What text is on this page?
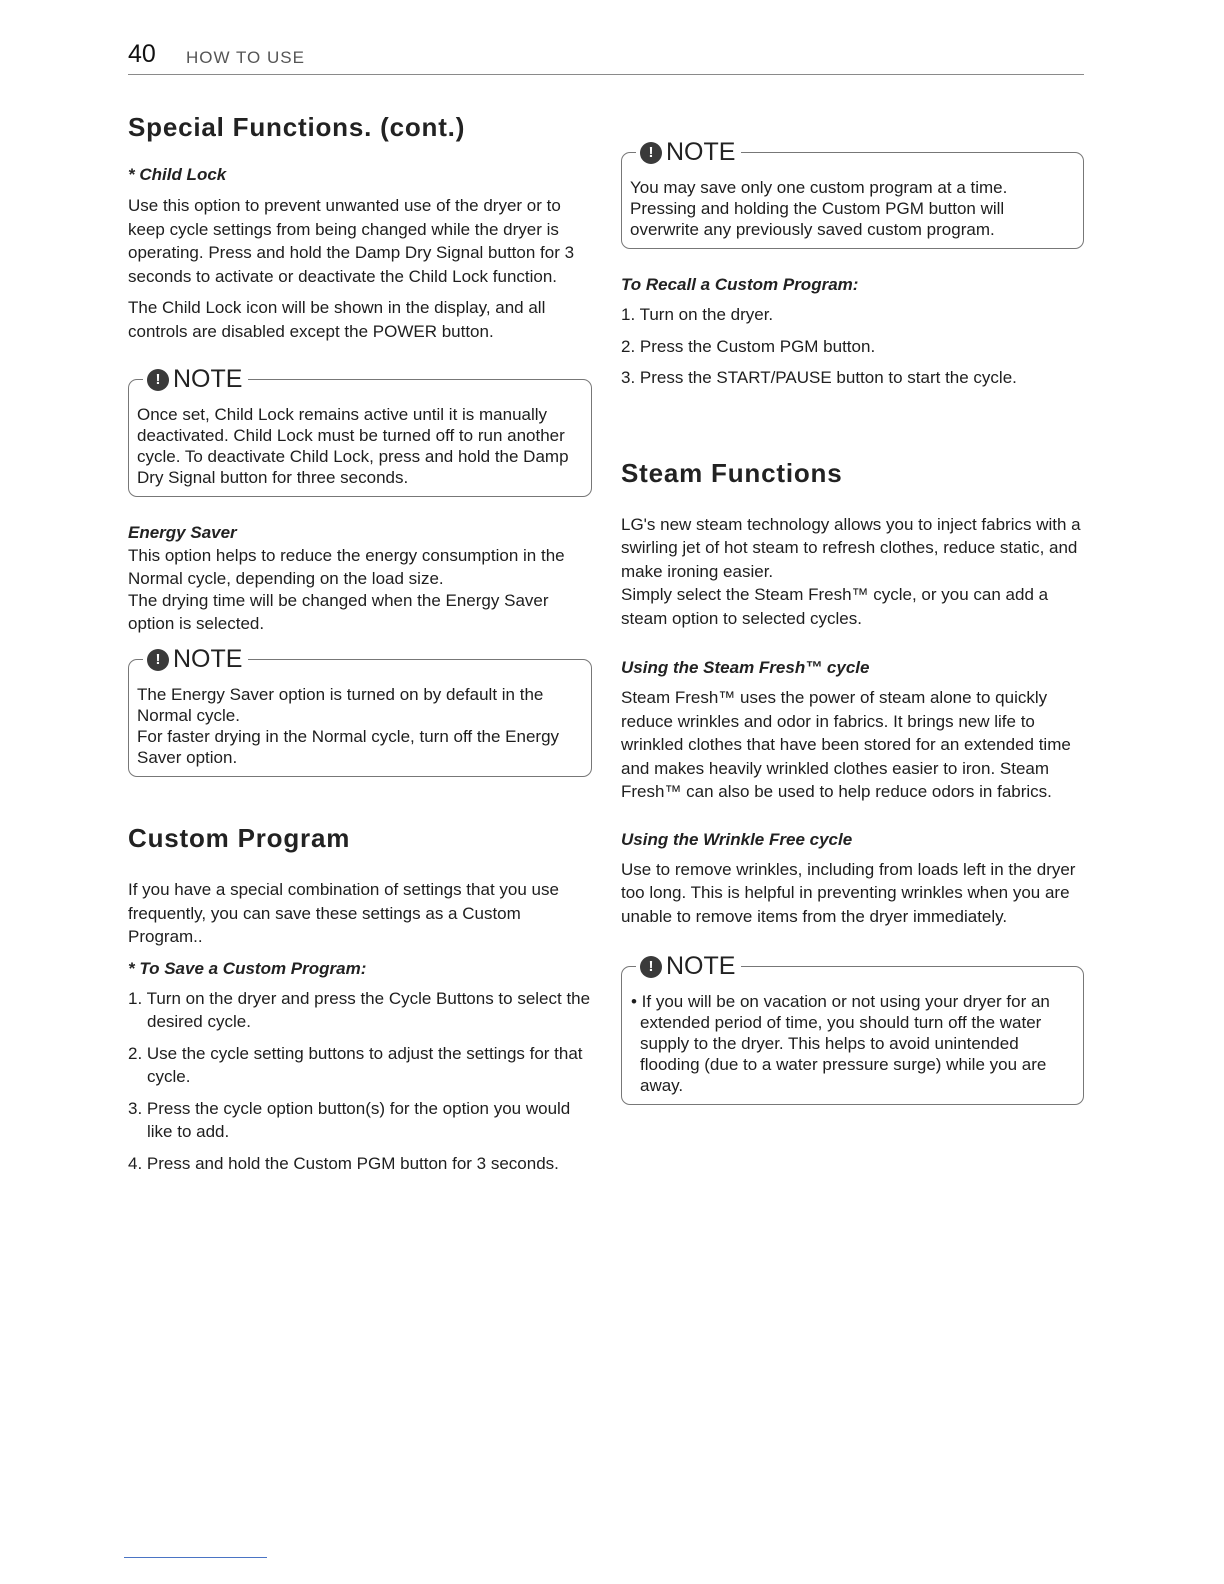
40 HOW TO USE
Special Functions. (cont.)
* Child Lock

Use this option to prevent unwanted use of the dryer or to keep cycle settings from being changed while the dryer is operating. Press and hold the Damp Dry Signal button for 3 seconds to activate or deactivate the Child Lock function.

The Child Lock icon will be shown in the display, and all controls are disabled except the POWER button.

! NOTE

Once set, Child Lock remains active until it is manually deactivated. Child Lock must be turned off to run another cycle. To deactivate Child Lock, press and hold the Damp Dry Signal button for three seconds.

Energy Saver

This option helps to reduce the energy consumption in the Normal cycle, depending on the load size.

The drying time will be changed when the Energy Saver option is selected.

! NOTE

The Energy Saver option is turned on by default in the Normal cycle.

For faster drying in the Normal cycle, turn off the Energy Saver option.

Custom Program

If you have a special combination of settings that you use frequently, you can save these settings as a Custom Program..

* To Save a Custom Program:
1. Turn on the dryer and press the Cycle Buttons to select the desired cycle.
2. Use the cycle setting buttons to adjust the settings for that cycle.
3. Press the cycle option button(s) for the option you would like to add.
4. Press and hold the Custom PGM button for 3 seconds.
! NOTE

You may save only one custom program at a time. Pressing and holding the Custom PGM button will overwrite any previously saved custom program.

To Recall a Custom Program:
1. Turn on the dryer.
2. Press the Custom PGM button.
3. Press the START/PAUSE button to start the cycle.
Steam Functions

LG's new steam technology allows you to inject fabrics with a swirling jet of hot steam to refresh clothes, reduce static, and make ironing easier.

Simply select the Steam Fresh™ cycle, or you can add a steam option to selected cycles.

Using the Steam Fresh™ cycle

Steam Fresh™ uses the power of steam alone to quickly reduce wrinkles and odor in fabrics. It brings new life to wrinkled clothes that have been stored for an extended time and makes heavily wrinkled clothes easier to iron. Steam Fresh™ can also be used to help reduce odors in fabrics.

Using the Wrinkle Free cycle

Use to remove wrinkles, including from loads left in the dryer too long. This is helpful in preventing wrinkles when you are unable to remove items from the dryer immediately.

! NOTE

• If you will be on vacation or not using your dryer for an extended period of time, you should turn off the water supply to the dryer. This helps to avoid unintended flooding (due to a water pressure surge) while you are away.
